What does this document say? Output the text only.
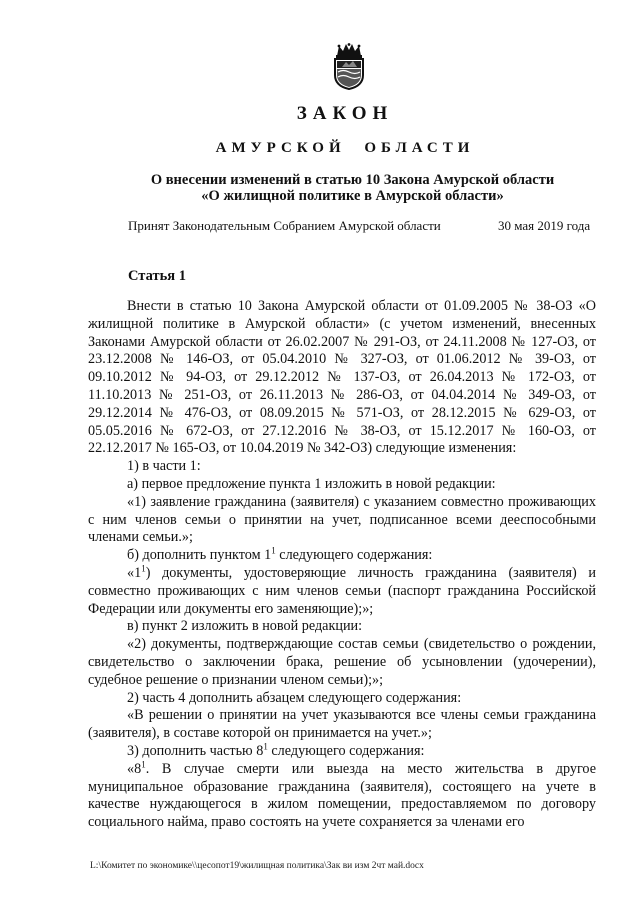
ЗАКОН
АМУРСКОЙ ОБЛАСТИ
О внесении изменений в статью 10 Закона Амурской области
«О жилищной политике в Амурской области»
Принят Законодательным Собранием Амурской области	30 мая 2019 года
Статья 1

Внести в статью 10 Закона Амурской области от 01.09.2005 № 38-ОЗ «О жилищной политике в Амурской области» (с учетом изменений, внесенных Законами Амурской области от 26.02.2007 № 291-ОЗ, от 24.11.2008 № 127-ОЗ, от 23.12.2008 № 146-ОЗ, от 05.04.2010 № 327-ОЗ, от 01.06.2012 № 39-ОЗ, от 09.10.2012 № 94-ОЗ, от 29.12.2012 № 137-ОЗ, от 26.04.2013 № 172-ОЗ, от 11.10.2013 № 251-ОЗ, от 26.11.2013 № 286-ОЗ, от 04.04.2014 № 349-ОЗ, от 29.12.2014 № 476-ОЗ, от 08.09.2015 № 571-ОЗ, от 28.12.2015 № 629-ОЗ, от 05.05.2016 № 672-ОЗ, от 27.12.2016 № 38-ОЗ, от 15.12.2017 № 160-ОЗ, от 22.12.2017 № 165-ОЗ, от 10.04.2019 № 342-ОЗ) следующие изменения:

1) в части 1:

а) первое предложение пункта 1 изложить в новой редакции:

«1) заявление гражданина (заявителя) с указанием совместно проживающих с ним членов семьи о принятии на учет, подписанное всеми дееспособными членами семьи.»;

б) дополнить пунктом $1^1$ следующего содержания:

«$1^1$) документы, удостоверяющие личность гражданина (заявителя) и совместно проживающих с ним членов семьи (паспорт гражданина Российской Федерации или документы его заменяющие);»;

в) пункт 2 изложить в новой редакции:

«2) документы, подтверждающие состав семьи (свидетельство о рождении, свидетельство о заключении брака, решение об усыновлении (удочерении), судебное решение о признании членом семьи);»;

2) часть 4 дополнить абзацем следующего содержания:

«В решении о принятии на учет указываются все члены семьи гражданина (заявителя), в составе которой он принимается на учет.»;

3) дополнить частью $8^1$ следующего содержания:

«$8^1$. В случае смерти или выезда на место жительства в другое муниципальное образование гражданина (заявителя), состоящего на учете в качестве нуждающегося в жилом помещении, предоставляемом по договору социального найма, право состоять на учете сохраняется за членами его

L:\Комитет по экономике\\цесопот19\жилищная политика\Зак ви изм 2чт май.docx
